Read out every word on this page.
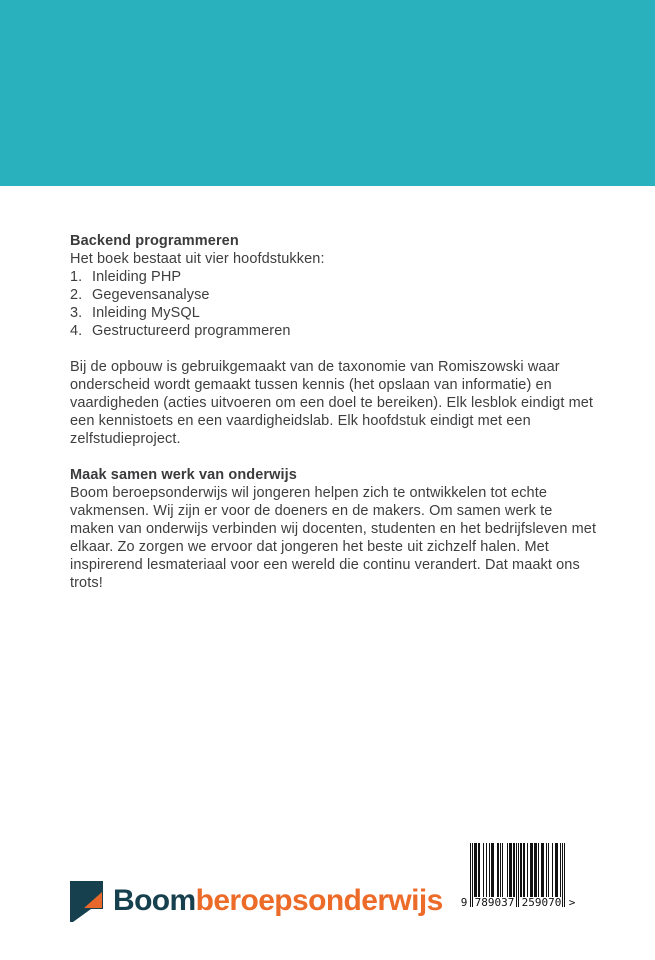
Backend programmeren

Het boek bestaat uit vier hoofdstukken:

1. Inleiding PHP
2. Gegevensanalyse
3. Inleiding MySQL
4. Gestructureerd programmeren

Bij de opbouw is gebruikgemaakt van de taxonomie van Romiszowski waar onderscheid wordt gemaakt tussen kennis (het opslaan van informatie) en vaardigheden (acties uitvoeren om een doel te bereiken). Elk lesblok eindigt met een kennistoets en een vaardigheidslab. Elk hoofdstuk eindigt met een zelfstudieproject.

Maak samen werk van onderwijs

Boom beroepsonderwijs wil jongeren helpen zich te ontwikkelen tot echte vakmensen. Wij zijn er voor de doeners en de makers. Om samen werk te maken van onderwijs verbinden wij docenten, studenten en het bedrijfsleven met elkaar. Zo zorgen we ervoor dat jongeren het beste uit zichzelf halen. Met inspirerend lesmateriaal voor een wereld die continu verandert. Dat maakt ons trots!

Boomberoepsonderwijs 9 789037 259070 >
